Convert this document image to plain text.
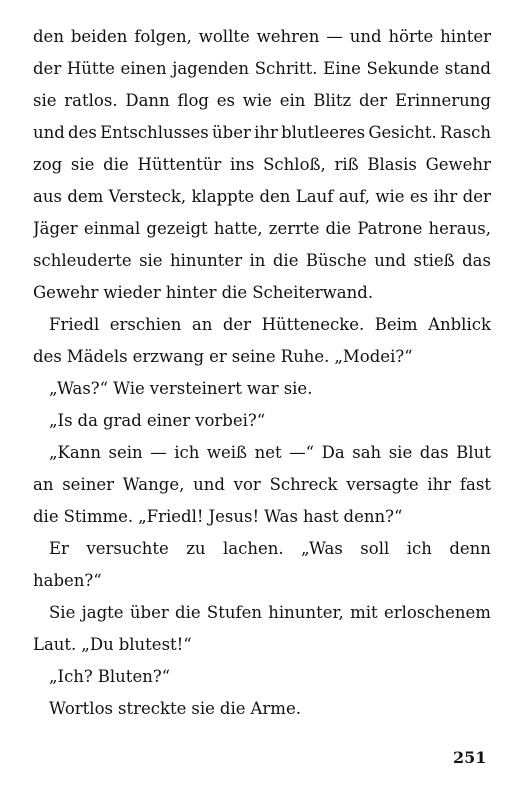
den beiden folgen, wollte wehren — und hörte hinter
der Hütte einen jagenden Schritt. Eine Sekunde stand
sie ratlos. Dann flog es wie ein Blitz der Erinnerung
und des Entschlusses über ihr blutleeres Gesicht. Rasch
zog sie die Hüttentür ins Schloß, riß Blasis Gewehr
aus dem Versteck, klappte den Lauf auf, wie es ihr der
Jäger einmal gezeigt hatte, zerrte die Patrone heraus,
schleuderte sie hinunter in die Büsche und stieß das
Gewehr wieder hinter die Scheiterwand.
Friedl erschien an der Hüttenecke. Beim Anblick
des Mädels erzwang er seine Ruhe. „Modei?“
„Was?“ Wie versteinert war sie.
„Is da grad einer vorbei?“
„Kann sein — ich weiß net —“ Da sah sie das Blut
an seiner Wange, und vor Schreck versagte ihr fast
die Stimme. „Friedl! Jesus! Was hast denn?“
Er versuchte zu lachen. „Was soll ich denn
haben?“
Sie jagte über die Stufen hinunter, mit erloschenem
Laut. „Du blutest!“
„Ich? Bluten?“
Wortlos streckte sie die Arme.
251
